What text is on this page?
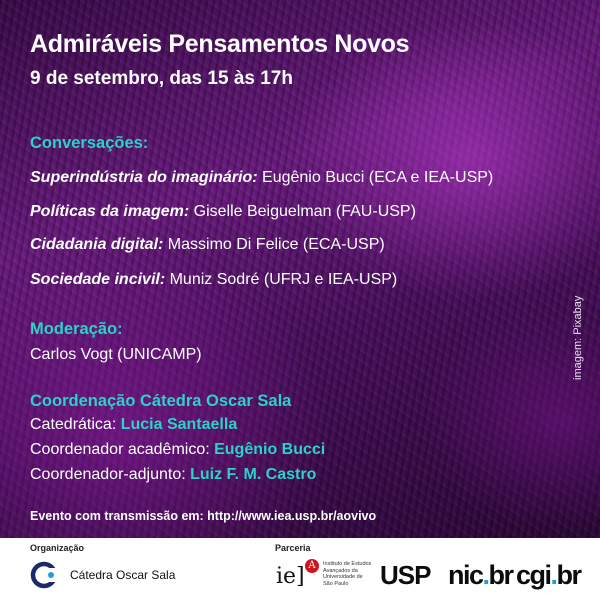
Admiráveis Pensamentos Novos
9 de setembro, das 15 às 17h
Conversações:
Superindústria do imaginário: Eugênio Bucci (ECA e IEA-USP)
Políticas da imagem: Giselle Beiguelman (FAU-USP)
Cidadania digital: Massimo Di Felice (ECA-USP)
Sociedade incivil: Muniz Sodré (UFRJ e IEA-USP)
Moderação:
Carlos Vogt (UNICAMP)
Coordenação Cátedra Oscar Sala
Catedrática: Lucia Santaella
Coordenador acadêmico: Eugênio Bucci
Coordenador-adjunto: Luiz F. M. Castro
imagem: Pixabay
Evento com transmissão em: http://www.iea.usp.br/aovivo
Organização
Cátedra Oscar Sala
Parceria
ie] A	Instituto de Estudos Avançados da Universidade de São Paulo	USP nic.br cgi.br
